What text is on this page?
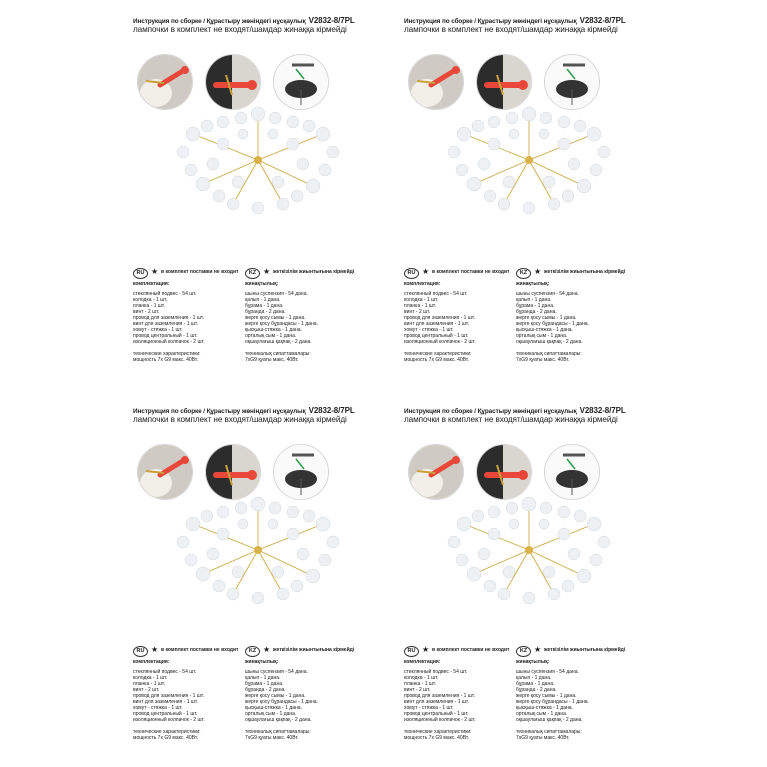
Инструкция по сборке / Құрастыру жөніндегі нұсқаулық V2832-8/7PL
лампочки в комплект не входят/шамдар жинаққа кірмейді
RU ★ в комплект поставки не входит	KZ ★ жеткізілім жиынтығына кірмейді
комплектация:
стеклянный подвес - 54 шт.
колодка - 1 шт.
планка - 1 шт.
винт - 2 шт.
провод для заземления - 1 шт.
винт для заземления - 1 шт.
хомут - стяжка - 1 шт.
провод центральный - 1 шт.
изоляционный колпачок - 2 шт.
технические характеристики:
мощность 7х G9 макс. 40Вт.
жинақтылық:
шыны суспензия - 54 дана.
қалып - 1 дана.
бұрама - 1 дана.
бұранда - 2 дана.
жерге қосу сымы - 1 дана.
жерге қосу бұрандасы - 1 дана.
қысқыш-стяжка - 1 дана.
орталық сым - 1 дана.
оқшаулағыш қақпақ - 2 дана.
техникалық сипаттамалары:
7хG9 қуаты макс. 40Вт.
Инструкция по сборке / Құрастыру жөніндегі нұсқаулық V2832-8/7PL
лампочки в комплект не входят/шамдар жинаққа кірмейді
RU ★ в комплект поставки не входит	KZ ★ жеткізілім жиынтығына кірмейді
комплектация:
стеклянный подвес - 54 шт.
колодка - 1 шт.
планка - 1 шт.
винт - 2 шт.
провод для заземления - 1 шт.
винт для заземления - 1 шт.
хомут - стяжка - 1 шт.
провод центральный - 1 шт.
изоляционный колпачок - 2 шт.
технические характеристики:
мощность 7х G9 макс. 40Вт.
жинақтылық:
шыны суспензия - 54 дана.
қалып - 1 дана.
бұрама - 1 дана.
бұранда - 2 дана.
жерге қосу сымы - 1 дана.
жерге қосу бұрандасы - 1 дана.
қысқыш-стяжка - 1 дана.
орталық сым - 1 дана.
оқшаулағыш қақпақ - 2 дана.
техникалық сипаттамалары:
7хG9 қуаты макс. 40Вт.
Инструкция по сборке / Құрастыру жөніндегі нұсқаулық V2832-8/7PL
лампочки в комплект не входят/шамдар жинаққа кірмейді
RU ★ в комплект поставки не входит	KZ ★ жеткізілім жиынтығына кірмейді
комплектация:
стеклянный подвес - 54 шт.
колодка - 1 шт.
планка - 1 шт.
винт - 2 шт.
провод для заземления - 1 шт.
винт для заземления - 1 шт.
хомут - стяжка - 1 шт.
провод центральный - 1 шт.
изоляционный колпачок - 2 шт.
технические характеристики:
мощность 7х G9 макс. 40Вт.
жинақтылық:
шыны суспензия - 54 дана.
қалып - 1 дана.
бұрама - 1 дана.
бұранда - 2 дана.
жерге қосу сымы - 1 дана.
жерге қосу бұрандасы - 1 дана.
қысқыш-стяжка - 1 дана.
орталық сым - 1 дана.
оқшаулағыш қақпақ - 2 дана.
техникалық сипаттамалары:
7хG9 қуаты макс. 40Вт.
Инструкция по сборке / Құрастыру жөніндегі нұсқаулық V2832-8/7PL
лампочки в комплект не входят/шамдар жинаққа кірмейді
RU ★ в комплект поставки не входит	KZ ★ жеткізілім жиынтығына кірмейді
комплектация:
стеклянный подвес - 54 шт.
колодка - 1 шт.
планка - 1 шт.
винт - 2 шт.
провод для заземления - 1 шт.
винт для заземления - 1 шт.
хомут - стяжка - 1 шт.
провод центральный - 1 шт.
изоляционный колпачок - 2 шт.
технические характеристики:
мощность 7х G9 макс. 40Вт.
жинақтылық:
шыны суспензия - 54 дана.
қалып - 1 дана.
бұрама - 1 дана.
бұранда - 2 дана.
жерге қосу сымы - 1 дана.
жерге қосу бұрандасы - 1 дана.
қысқыш-стяжка - 1 дана.
орталық сым - 1 дана.
оқшаулағыш қақпақ - 2 дана.
техникалық сипаттамалары:
7хG9 қуаты макс. 40Вт.
